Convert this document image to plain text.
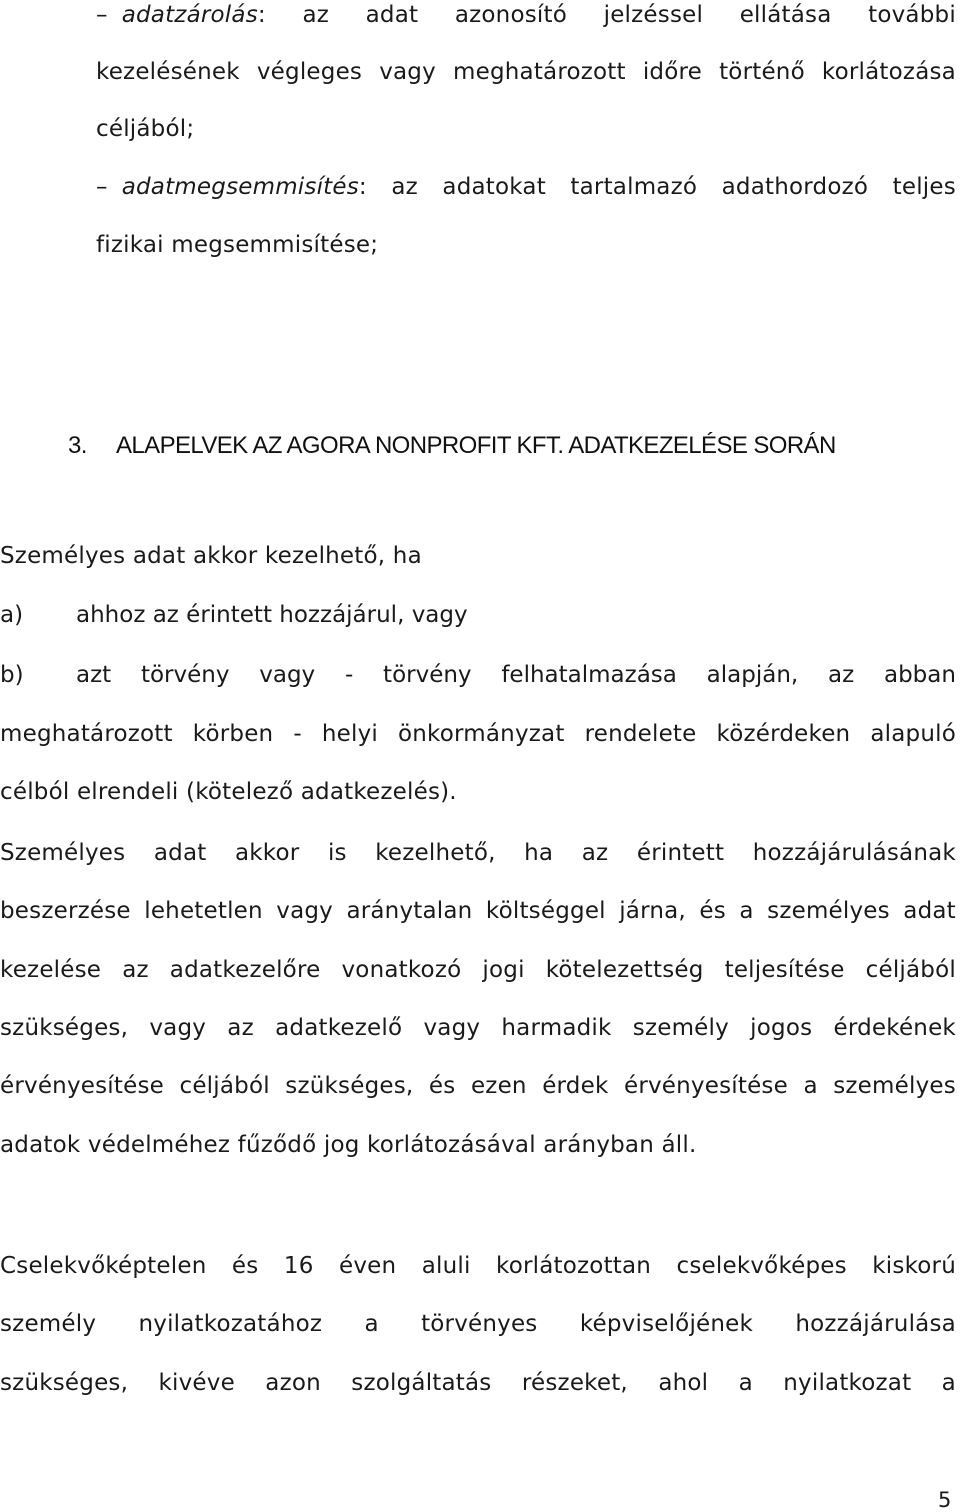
–adatzárolás: az adat azonosító jelzéssel ellátása további
kezelésének végleges vagy meghatározott időre történő korlátozása
céljából;
–adatmegsemmisítés: az adatokat tartalmazó adathordozó teljes
fizikai megsemmisítése;
3. ALAPELVEK AZ AGORA NONPROFIT KFT. ADATKEZELÉSE SORÁN
Személyes adat akkor kezelhető, ha
a) ahhoz az érintett hozzájárul, vagy
b)	azt törvény vagy - törvény felhatalmazása alapján, az abban
meghatározott körben - helyi önkormányzat rendelete közérdeken alapuló
célból elrendeli (kötelező adatkezelés).
Személyes adat akkor is kezelhető, ha az érintett hozzájárulásának
beszerzése lehetetlen vagy aránytalan költséggel járna, és a személyes adat
kezelése az adatkezelőre vonatkozó jogi kötelezettség teljesítése céljából
szükséges, vagy az adatkezelő vagy harmadik személy jogos érdekének
érvényesítése céljából szükséges, és ezen érdek érvényesítése a személyes
adatok védelméhez fűződő jog korlátozásával arányban áll.
Cselekvőképtelen és 16 éven aluli korlátozottan cselekvőképes kiskorú
személy nyilatkozatához a törvényes képviselőjének hozzájárulása
szükséges, kivéve azon szolgáltatás részeket, ahol a nyilatkozat a
5
